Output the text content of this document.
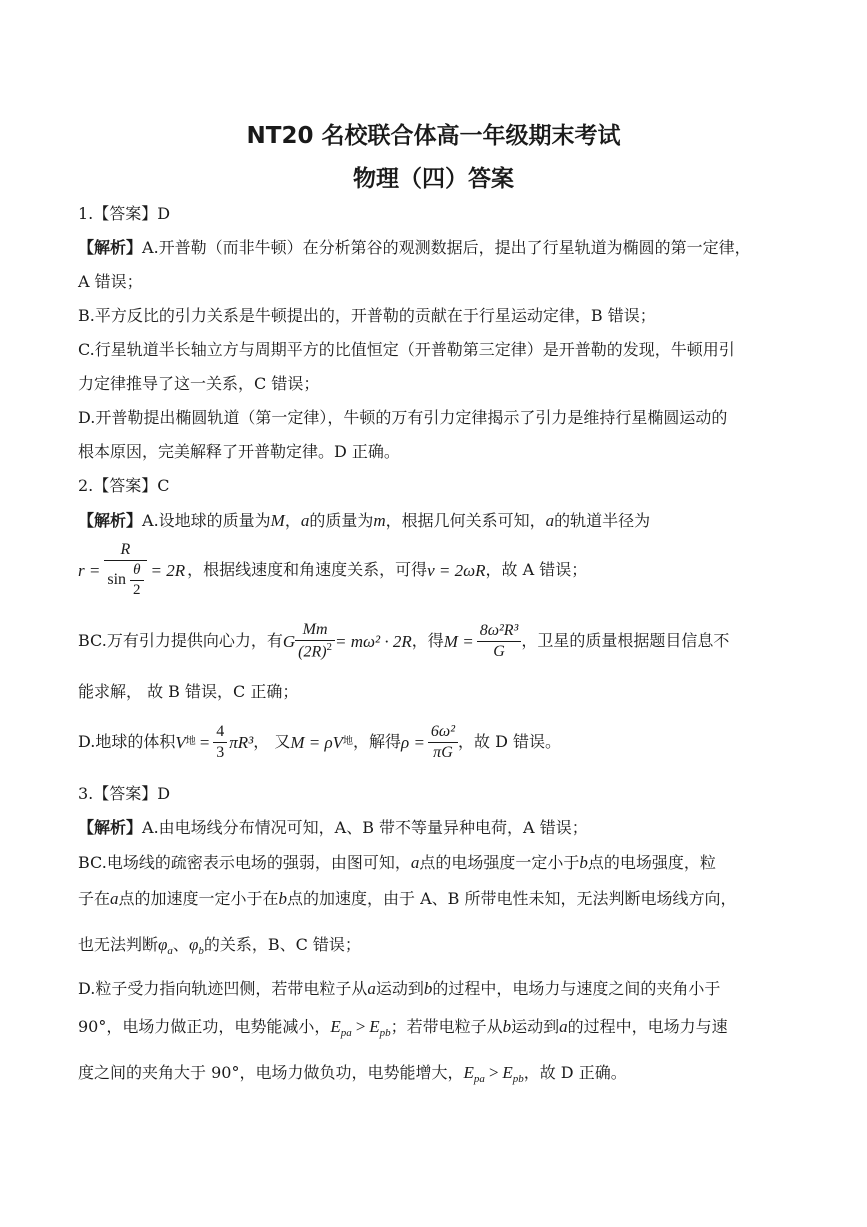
NT20 名校联合体高一年级期末考试
物理（四）答案
1.【答案】D
【解析】A.开普勒（而非牛顿）在分析第谷的观测数据后，提出了行星轨道为椭圆的第一定律，
A 错误；
B.平方反比的引力关系是牛顿提出的，开普勒的贡献在于行星运动定律，B 错误；
C.行星轨道半长轴立方与周期平方的比值恒定（开普勒第三定律）是开普勒的发现，牛顿用引
力定律推导了这一关系，C 错误；
D.开普勒提出椭圆轨道（第一定律），牛顿的万有引力定律揭示了引力是维持行星椭圆运动的
根本原因，完美解释了开普勒定律。D 正确。
2.【答案】C
【解析】A.设地球的质量为M，a的质量为m，根据几何关系可知，a的轨道半径为
$r = \frac{R}{\sin \frac{\theta}{2}} = 2R$ ，根据线速度和角速度关系，可得 v = 2ωR ，故 A 错误；
BC.万有引力提供向心力，有 G $\frac{Mm}{(2R)^2} = m\omega^2 \cdot 2R$ ，得 $M = \frac{\text{8ω²R³}}{G}$ ，卫星的质量根据题目信息不
能求解， 故 B 错误，C 正确；
D.地球的体积 V 地 = $\frac{4}{3} \pi R^3$ ， 又 M = ρV 地 ，解得 $\rho = \frac{\text{6ω²}}{\pi G}$ ，故 D 错误。
3.【答案】D
【解析】A.由电场线分布情况可知，A、B 带不等量异种电荷，A 错误；
BC.电场线的疏密表示电场的强弱，由图可知，a点的电场强度一定小于b点的电场强度，粒
子在a点的加速度一定小于在b点的加速度，由于 A、B 所带电性未知，无法判断电场线方向，
也无法判断$\varphi_a$、$\varphi_b$的关系，B、C 错误；
D.粒子受力指向轨迹凹侧，若带电粒子从a运动到b的过程中，电场力与速度之间的夹角小于
90°，电场力做正功，电势能减小，$E_{pa} > E_{pb}$；若带电粒子从b运动到a的过程中，电场力与速
度之间的夹角大于 90°，电场力做负功，电势能增大，$E_{pa} > E_{pb}$，故 D 正确。
